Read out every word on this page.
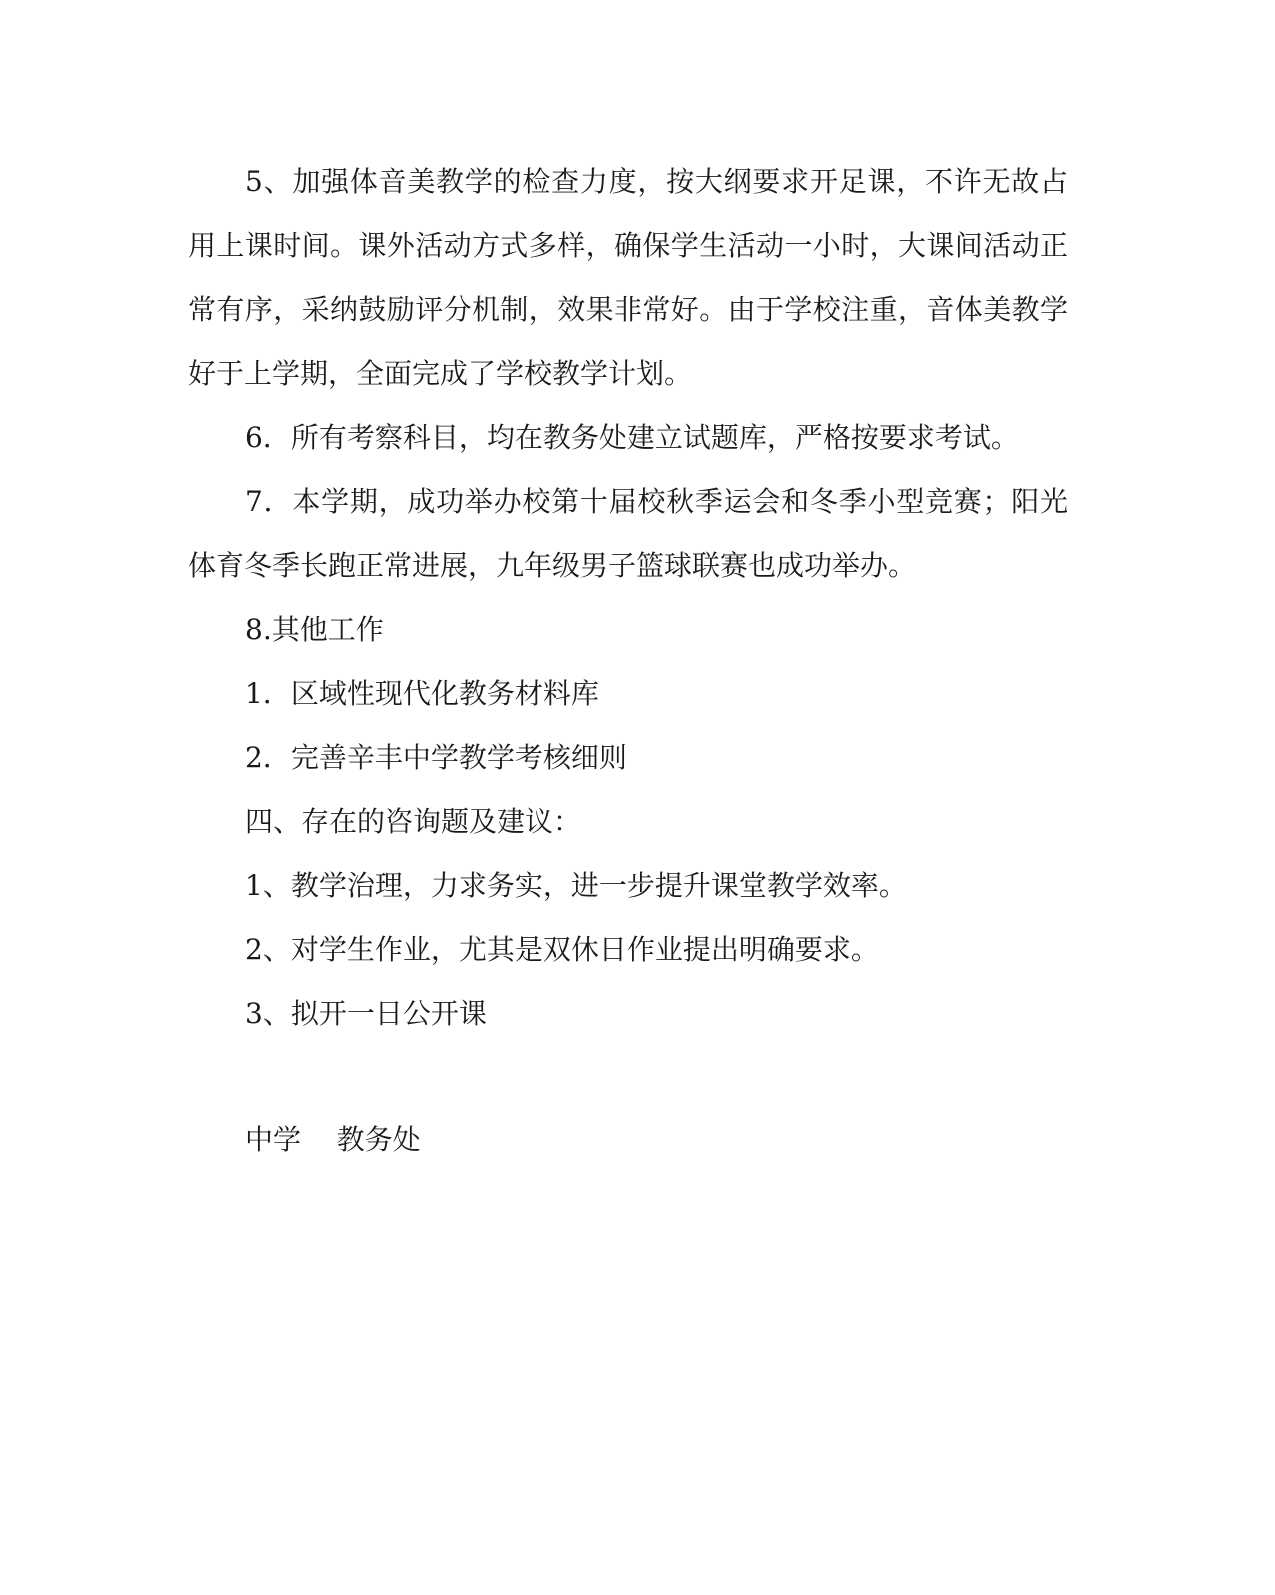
5、加强体音美教学的检查力度，按大纲要求开足课，不许无故占用上课时间。课外活动方式多样，确保学生活动一小时，大课间活动正常有序，采纳鼓励评分机制，效果非常好。由于学校注重，音体美教学好于上学期，全面完成了学校教学计划。

6．所有考察科目，均在教务处建立试题库，严格按要求考试。

7．本学期，成功举办校第十届校秋季运会和冬季小型竞赛；阳光体育冬季长跑正常进展，九年级男子篮球联赛也成功举办。

8.其他工作

1．区域性现代化教务材料库

2．完善辛丰中学教学考核细则

四、存在的咨询题及建议：

1、教学治理，力求务实，进一步提升课堂教学效率。

2、对学生作业，尤其是双休日作业提出明确要求。

3、拟开一日公开课

中学    教务处
